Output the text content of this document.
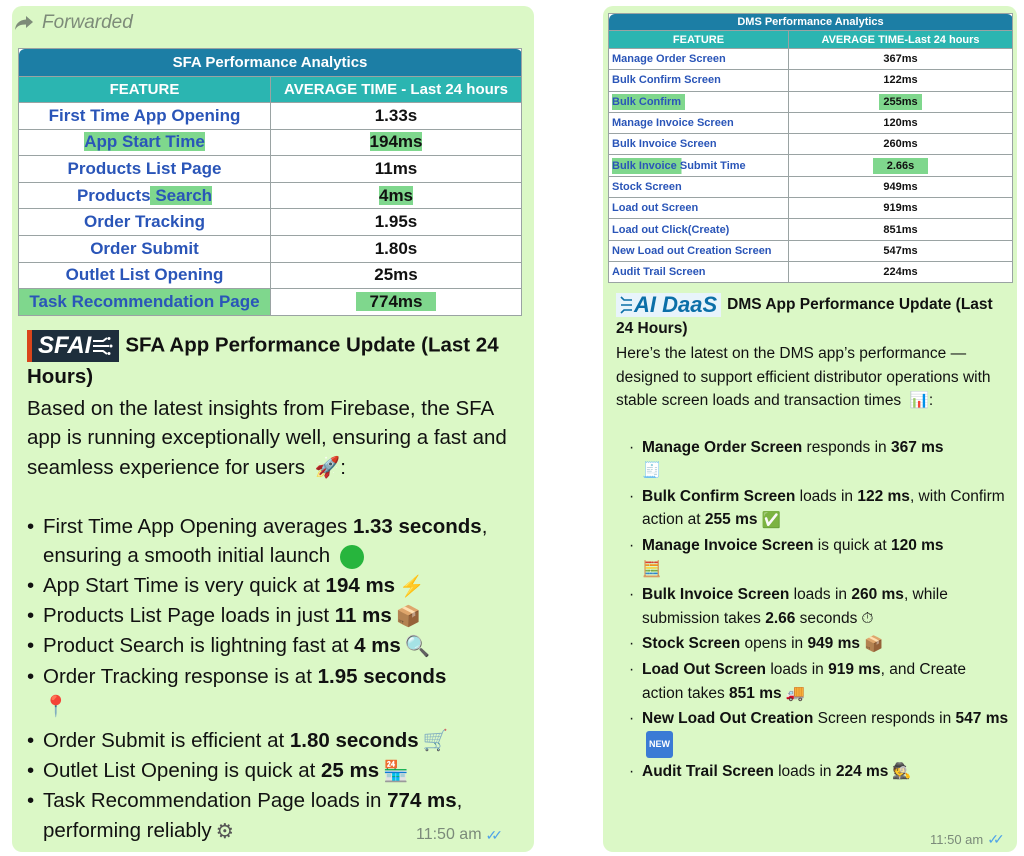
Forwarded
SFA Performance Analytics	
FEATURE	AVERAGE TIME - Last 24 hours
First Time App Opening	1.33s
App Start Time	194ms
Products List Page	11ms
Products Search	4ms
Order Tracking	1.95s
Order Submit	1.80s
Outlet List Opening	25ms
Task Recommendation Page	774ms
SFAI SFA App Performance Update (Last 24 Hours)
Based on the latest insights from Firebase, the SFA app is running exceptionally well, ensuring a fast and seamless experience for users 🚀:
• First Time App Opening averages 1.33 seconds, ensuring a smooth initial launch
• App Start Time is very quick at 194 ms ⚡
• Products List Page loads in just 11 ms 📦
• Product Search is lightning fast at 4 ms 🔍
• Order Tracking response is at 1.95 seconds
📍
• Order Submit is efficient at 1.80 seconds 🛒
• Outlet List Opening is quick at 25 ms 🏪
• Task Recommendation Page loads in 774 ms, performing reliably ⚙	11:50 am ✓✓
DMS Performance Analytics	
FEATURE	AVERAGE TIME-Last 24 hours
Manage Order Screen	367ms
Bulk Confirm Screen	122ms
Bulk Confirm	255ms
Manage Invoice Screen	120ms
Bulk Invoice Screen	260ms
Bulk Invoice Submit Time	2.66s
Stock Screen	949ms
Load out Screen	919ms
Load out Click(Create)	851ms
New Load out Creation Screen	547ms
Audit Trail Screen	224ms
AI DaaS DMS App Performance Update (Last 24 Hours)
Here’s the latest on the DMS app’s performance — designed to support efficient distributor operations with stable screen loads and transaction times 📊:
· Manage Order Screen responds in 367 ms
🧾
· Bulk Confirm Screen loads in 122 ms, with Confirm action at 255 ms ✅
· Manage Invoice Screen is quick at 120 ms
🧮
· Bulk Invoice Screen loads in 260 ms, while submission takes 2.66 seconds ⏱
· Stock Screen opens in 949 ms 📦
· Load Out Screen loads in 919 ms, and Create action takes 851 ms 🚚
· New Load Out Creation Screen responds in 547 msNEW
· Audit Trail Screen loads in 224 ms 🕵
11:50 am ✓✓
